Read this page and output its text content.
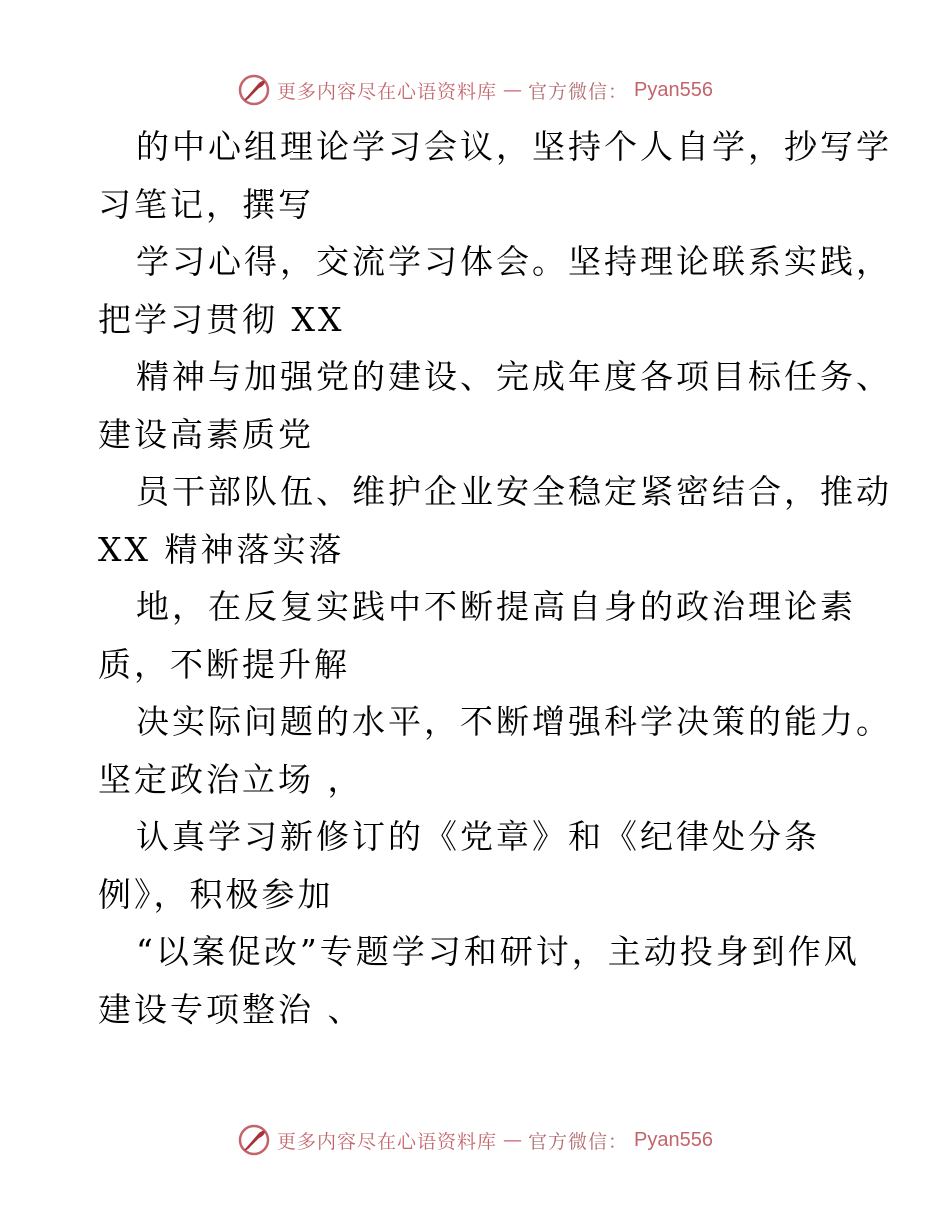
更多内容尽在心语资料库 — 官方微信： Pyan556
的中心组理论学习会议，坚持个人自学，抄写学
习笔记，撰写
学习心得，交流学习体会。坚持理论联系实践，
把学习贯彻 XX
精神与加强党的建设、完成年度各项目标任务、
建设高素质党
员干部队伍、维护企业安全稳定紧密结合，推动
XX 精神落实落
地，在反复实践中不断提高自身的政治理论素
质，不断提升解
决实际问题的水平，不断增强科学决策的能力。
坚定政治立场 ，
认真学习新修订的《党章》和《纪律处分条
例》，积极参加
“以案促改”专题学习和研讨，主动投身到作风
建设专项整治 、
更多内容尽在心语资料库 — 官方微信： Pyan556
